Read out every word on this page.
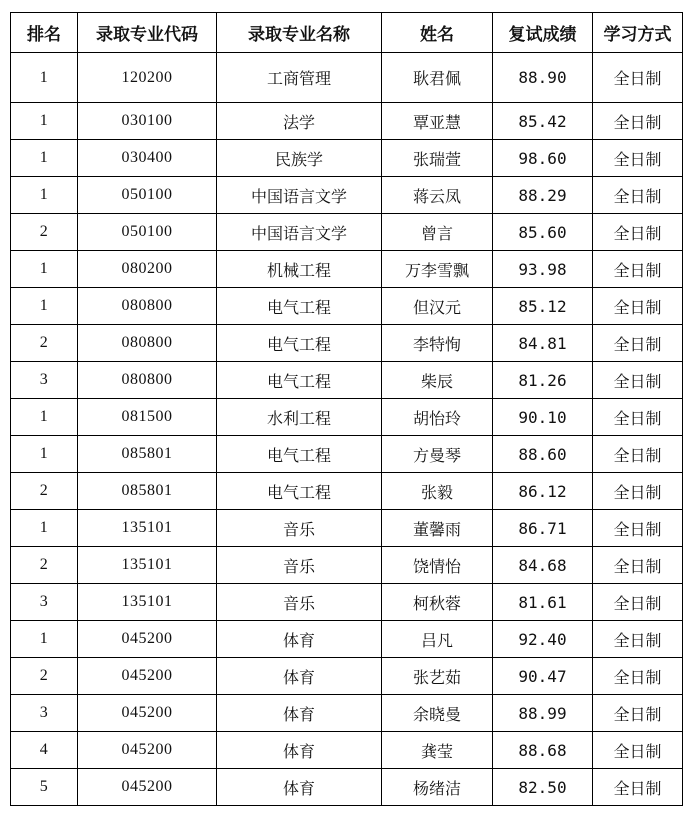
排名	录取专业代码	录取专业名称	姓名	复试成绩	学习方式
1	120200	工商管理	耿君佩	88.90	全日制
1	030100	法学	覃亚慧	85.42	全日制
1	030400	民族学	张瑞萱	98.60	全日制
1	050100	中国语言文学	蒋云凤	88.29	全日制
2	050100	中国语言文学	曾言	85.60	全日制
1	080200	机械工程	万李雪飘	93.98	全日制
1	080800	电气工程	但汉元	85.12	全日制
2	080800	电气工程	李特恂	84.81	全日制
3	080800	电气工程	柴辰	81.26	全日制
1	081500	水利工程	胡怡玲	90.10	全日制
1	085801	电气工程	方曼琴	88.60	全日制
2	085801	电气工程	张毅	86.12	全日制
1	135101	音乐	董馨雨	86.71	全日制
2	135101	音乐	饶情怡	84.68	全日制
3	135101	音乐	柯秋蓉	81.61	全日制
1	045200	体育	吕凡	92.40	全日制
2	045200	体育	张艺茹	90.47	全日制
3	045200	体育	余晓曼	88.99	全日制
4	045200	体育	龚莹	88.68	全日制
5	045200	体育	杨绪洁	82.50	全日制
